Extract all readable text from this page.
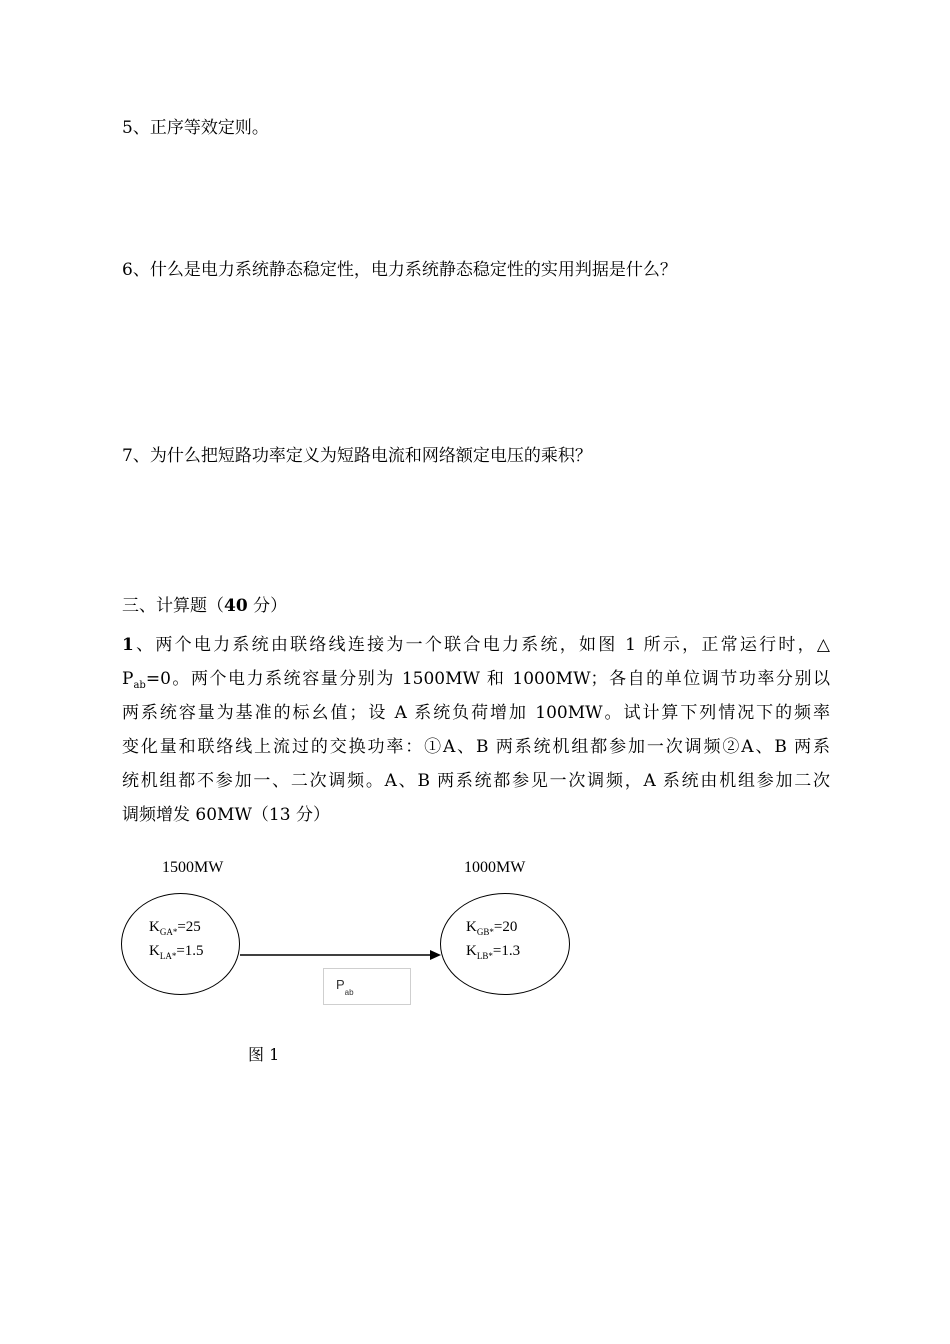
5、正序等效定则。
6、什么是电力系统静态稳定性，电力系统静态稳定性的实用判据是什么？
7、为什么把短路功率定义为短路电流和网络额定电压的乘积？
三、计算题（40 分）
1、两个电力系统由联络线连接为一个联合电力系统，如图 1 所示，正常运行时，△
$P_{ab}=0$。两个电力系统容量分别为 1500MW 和 1000MW；各自的单位调节功率分别以
两系统容量为基准的标幺值；设 A 系统负荷增加 100MW。试计算下列情况下的频率
变化量和联络线上流过的交换功率：①A、B 两系统机组都参加一次调频②A、B 两系
统机组都不参加一、二次调频。A、B 两系统都参见一次调频，A 系统由机组参加二次
调频增发 60MW（13 分）
1500MW	1000MW
$K_{GA*}=25$
$K_{LA*}=1.5$
$K_{GB*}=20$
$K_{LB*}=1.3$
$P_{ab}$
图 1
